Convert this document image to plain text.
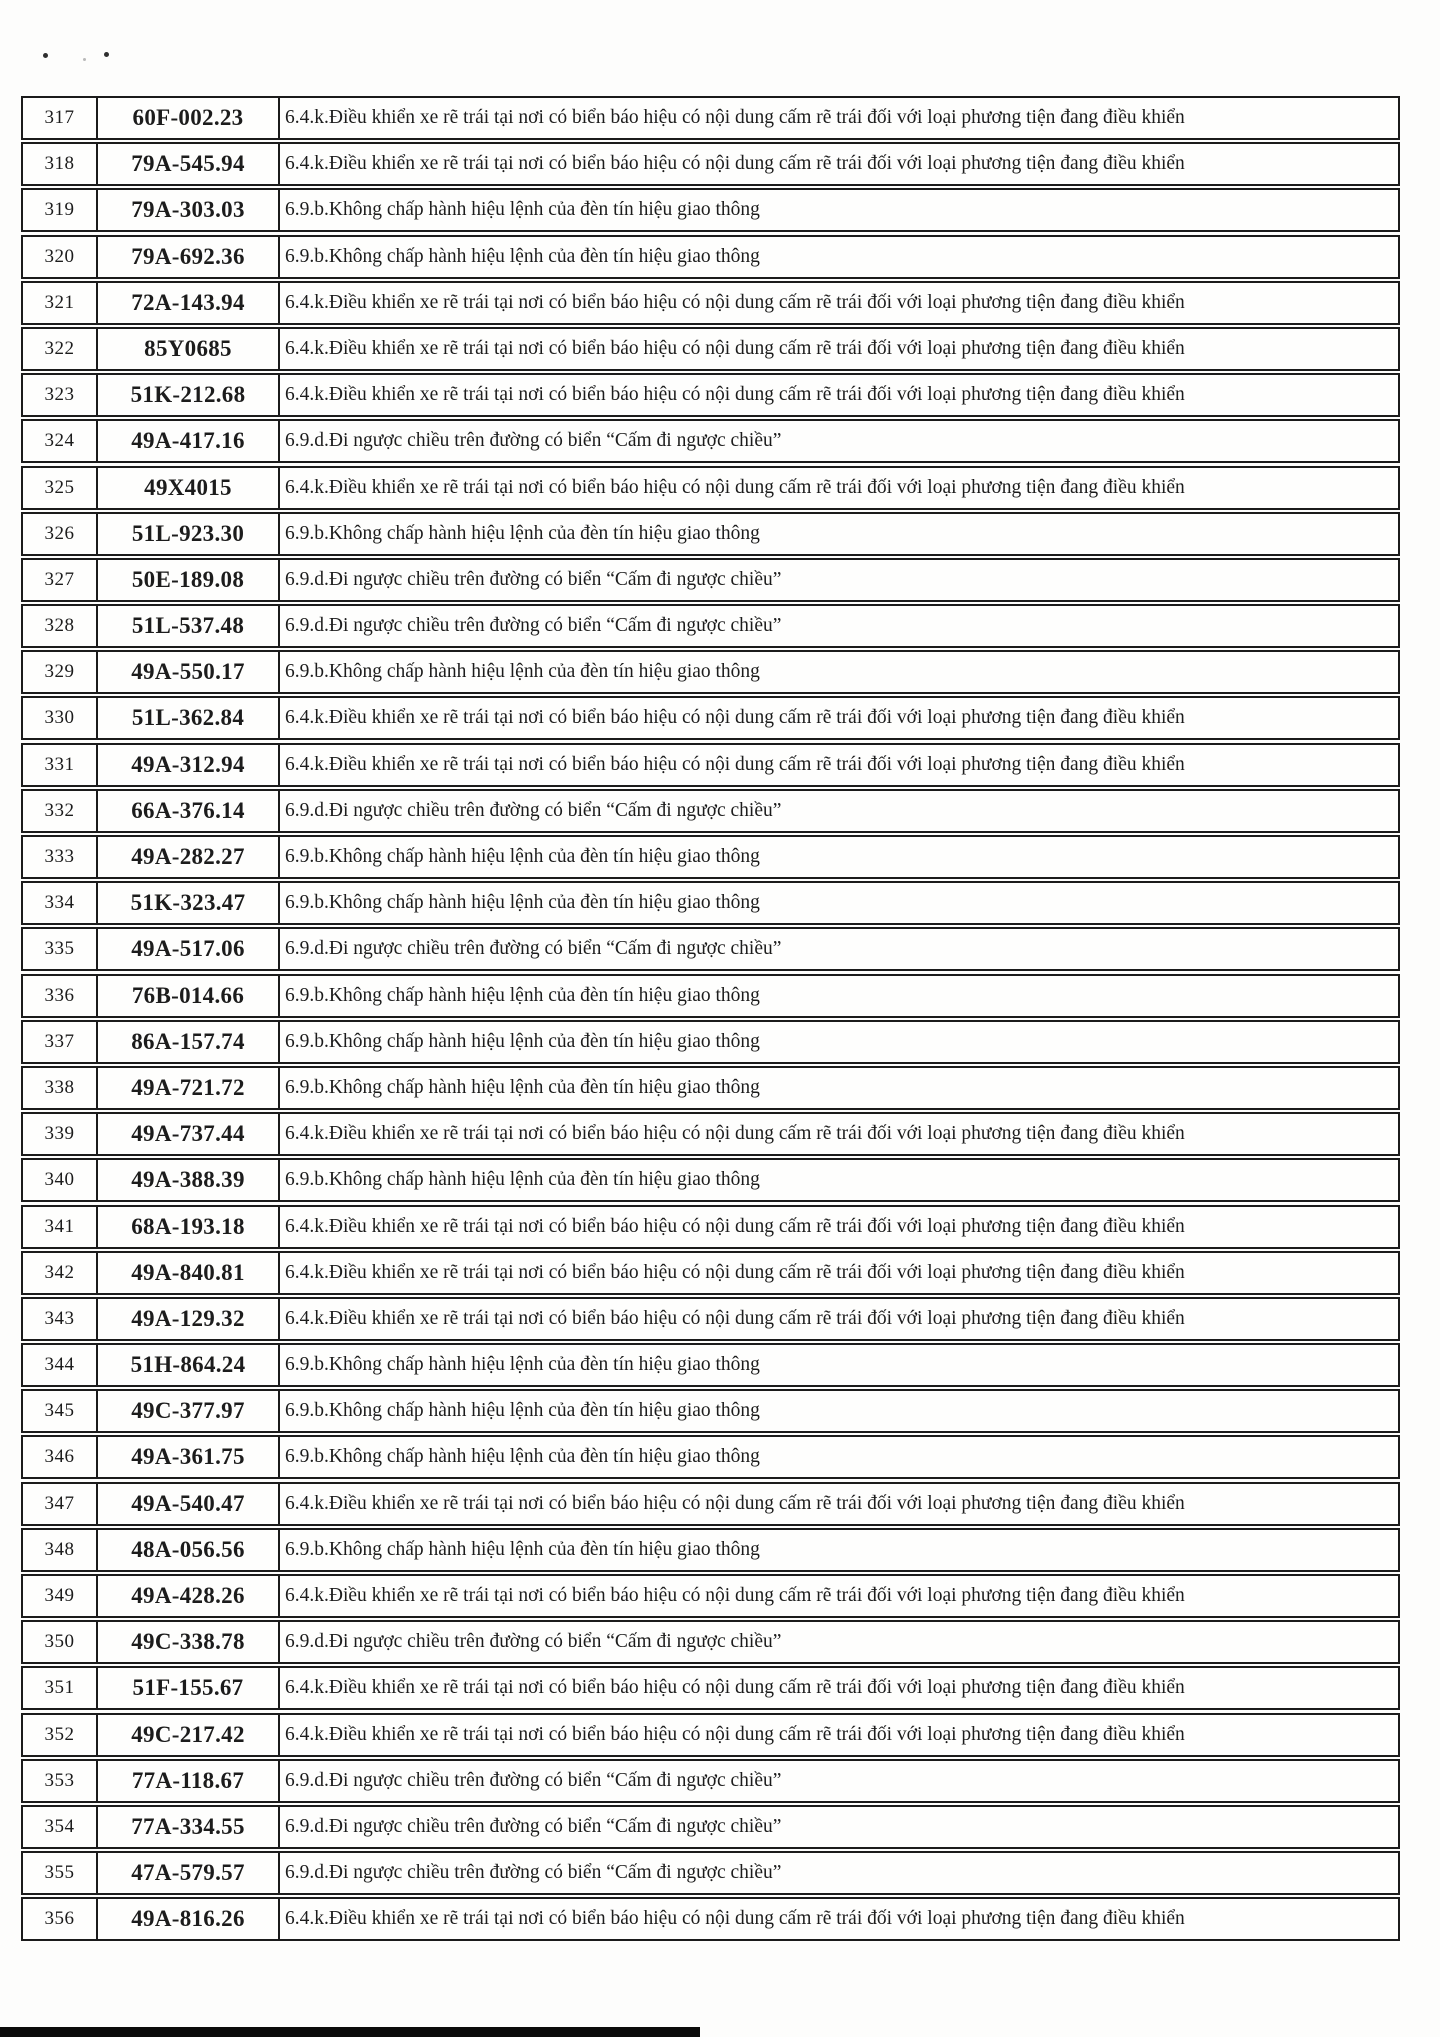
317	60F-002.23	6.4.k.Điều khiển xe rẽ trái tại nơi có biển báo hiệu có nội dung cấm rẽ trái đối với loại phương tiện đang điều khiển
318	79A-545.94	6.4.k.Điều khiển xe rẽ trái tại nơi có biển báo hiệu có nội dung cấm rẽ trái đối với loại phương tiện đang điều khiển
319	79A-303.03	6.9.b.Không chấp hành hiệu lệnh của đèn tín hiệu giao thông
320	79A-692.36	6.9.b.Không chấp hành hiệu lệnh của đèn tín hiệu giao thông
321	72A-143.94	6.4.k.Điều khiển xe rẽ trái tại nơi có biển báo hiệu có nội dung cấm rẽ trái đối với loại phương tiện đang điều khiển
322	85Y0685	6.4.k.Điều khiển xe rẽ trái tại nơi có biển báo hiệu có nội dung cấm rẽ trái đối với loại phương tiện đang điều khiển
323	51K-212.68	6.4.k.Điều khiển xe rẽ trái tại nơi có biển báo hiệu có nội dung cấm rẽ trái đối với loại phương tiện đang điều khiển
324	49A-417.16	6.9.d.Đi ngược chiều trên đường có biển “Cấm đi ngược chiều”
325	49X4015	6.4.k.Điều khiển xe rẽ trái tại nơi có biển báo hiệu có nội dung cấm rẽ trái đối với loại phương tiện đang điều khiển
326	51L-923.30	6.9.b.Không chấp hành hiệu lệnh của đèn tín hiệu giao thông
327	50E-189.08	6.9.d.Đi ngược chiều trên đường có biển “Cấm đi ngược chiều”
328	51L-537.48	6.9.d.Đi ngược chiều trên đường có biển “Cấm đi ngược chiều”
329	49A-550.17	6.9.b.Không chấp hành hiệu lệnh của đèn tín hiệu giao thông
330	51L-362.84	6.4.k.Điều khiển xe rẽ trái tại nơi có biển báo hiệu có nội dung cấm rẽ trái đối với loại phương tiện đang điều khiển
331	49A-312.94	6.4.k.Điều khiển xe rẽ trái tại nơi có biển báo hiệu có nội dung cấm rẽ trái đối với loại phương tiện đang điều khiển
332	66A-376.14	6.9.d.Đi ngược chiều trên đường có biển “Cấm đi ngược chiều”
333	49A-282.27	6.9.b.Không chấp hành hiệu lệnh của đèn tín hiệu giao thông
334	51K-323.47	6.9.b.Không chấp hành hiệu lệnh của đèn tín hiệu giao thông
335	49A-517.06	6.9.d.Đi ngược chiều trên đường có biển “Cấm đi ngược chiều”
336	76B-014.66	6.9.b.Không chấp hành hiệu lệnh của đèn tín hiệu giao thông
337	86A-157.74	6.9.b.Không chấp hành hiệu lệnh của đèn tín hiệu giao thông
338	49A-721.72	6.9.b.Không chấp hành hiệu lệnh của đèn tín hiệu giao thông
339	49A-737.44	6.4.k.Điều khiển xe rẽ trái tại nơi có biển báo hiệu có nội dung cấm rẽ trái đối với loại phương tiện đang điều khiển
340	49A-388.39	6.9.b.Không chấp hành hiệu lệnh của đèn tín hiệu giao thông
341	68A-193.18	6.4.k.Điều khiển xe rẽ trái tại nơi có biển báo hiệu có nội dung cấm rẽ trái đối với loại phương tiện đang điều khiển
342	49A-840.81	6.4.k.Điều khiển xe rẽ trái tại nơi có biển báo hiệu có nội dung cấm rẽ trái đối với loại phương tiện đang điều khiển
343	49A-129.32	6.4.k.Điều khiển xe rẽ trái tại nơi có biển báo hiệu có nội dung cấm rẽ trái đối với loại phương tiện đang điều khiển
344	51H-864.24	6.9.b.Không chấp hành hiệu lệnh của đèn tín hiệu giao thông
345	49C-377.97	6.9.b.Không chấp hành hiệu lệnh của đèn tín hiệu giao thông
346	49A-361.75	6.9.b.Không chấp hành hiệu lệnh của đèn tín hiệu giao thông
347	49A-540.47	6.4.k.Điều khiển xe rẽ trái tại nơi có biển báo hiệu có nội dung cấm rẽ trái đối với loại phương tiện đang điều khiển
348	48A-056.56	6.9.b.Không chấp hành hiệu lệnh của đèn tín hiệu giao thông
349	49A-428.26	6.4.k.Điều khiển xe rẽ trái tại nơi có biển báo hiệu có nội dung cấm rẽ trái đối với loại phương tiện đang điều khiển
350	49C-338.78	6.9.d.Đi ngược chiều trên đường có biển “Cấm đi ngược chiều”
351	51F-155.67	6.4.k.Điều khiển xe rẽ trái tại nơi có biển báo hiệu có nội dung cấm rẽ trái đối với loại phương tiện đang điều khiển
352	49C-217.42	6.4.k.Điều khiển xe rẽ trái tại nơi có biển báo hiệu có nội dung cấm rẽ trái đối với loại phương tiện đang điều khiển
353	77A-118.67	6.9.d.Đi ngược chiều trên đường có biển “Cấm đi ngược chiều”
354	77A-334.55	6.9.d.Đi ngược chiều trên đường có biển “Cấm đi ngược chiều”
355	47A-579.57	6.9.d.Đi ngược chiều trên đường có biển “Cấm đi ngược chiều”
356	49A-816.26	6.4.k.Điều khiển xe rẽ trái tại nơi có biển báo hiệu có nội dung cấm rẽ trái đối với loại phương tiện đang điều khiển
